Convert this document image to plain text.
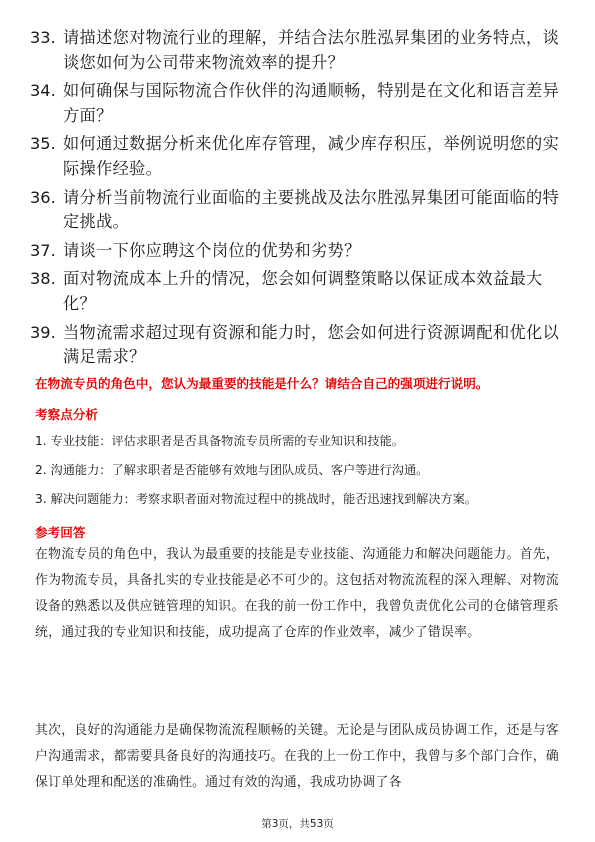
33. 请描述您对物流行业的理解，并结合法尔胜泓昇集团的业务特点，谈谈您如何为公司带来物流效率的提升？
34. 如何确保与国际物流合作伙伴的沟通顺畅，特别是在文化和语言差异方面？
35. 如何通过数据分析来优化库存管理，减少库存积压，举例说明您的实际操作经验。
36. 请分析当前物流行业面临的主要挑战及法尔胜泓昇集团可能面临的特定挑战。
37. 请谈一下你应聘这个岗位的优势和劣势？
38. 面对物流成本上升的情况，您会如何调整策略以保证成本效益最大化？
39. 当物流需求超过现有资源和能力时，您会如何进行资源调配和优化以满足需求？

在物流专员的角色中，您认为最重要的技能是什么？请结合自己的强项进行说明。

考察点分析

1. 专业技能：评估求职者是否具备物流专员所需的专业知识和技能。

2. 沟通能力：了解求职者是否能够有效地与团队成员、客户等进行沟通。

3. 解决问题能力：考察求职者面对物流过程中的挑战时，能否迅速找到解决方案。

参考回答

在物流专员的角色中，我认为最重要的技能是专业技能、沟通能力和解决问题能力。首先，作为物流专员，具备扎实的专业技能是必不可少的。这包括对物流流程的深入理解、对物流设备的熟悉以及供应链管理的知识。在我的前一份工作中，我曾负责优化公司的仓储管理系统，通过我的专业知识和技能，成功提高了仓库的作业效率，减少了错误率。

其次，良好的沟通能力是确保物流流程顺畅的关键。无论是与团队成员协调工作，还是与客户沟通需求，都需要具备良好的沟通技巧。在我的上一份工作中，我曾与多个部门合作，确保订单处理和配送的准确性。通过有效的沟通，我成功协调了各

第3页，共53页
